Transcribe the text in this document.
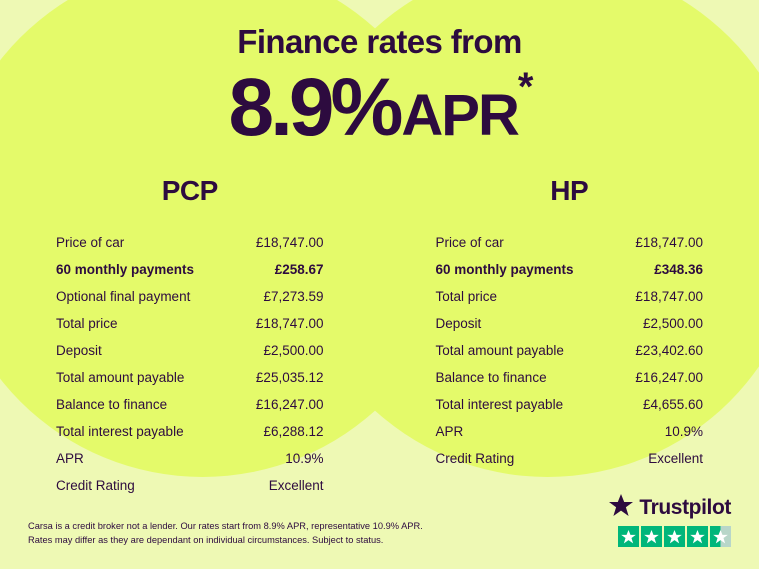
Finance rates from
8.9%APR*
PCP
Price of car	£18,747.00
60 monthly payments	£258.67
Optional final payment	£7,273.59
Total price	£18,747.00
Deposit	£2,500.00
Total amount payable	£25,035.12
Balance to finance	£16,247.00
Total interest payable	£6,288.12
APR	10.9%
Credit Rating	Excellent
HP
Price of car	£18,747.00
60 monthly payments	£348.36
Total price	£18,747.00
Deposit	£2,500.00
Total amount payable	£23,402.60
Balance to finance	£16,247.00
Total interest payable	£4,655.60
APR	10.9%
Credit Rating	Excellent
Carsa is a credit broker not a lender. Our rates start from 8.9% APR, representative 10.9% APR. Rates may differ as they are dependant on individual circumstances. Subject to status.
Trustpilot
